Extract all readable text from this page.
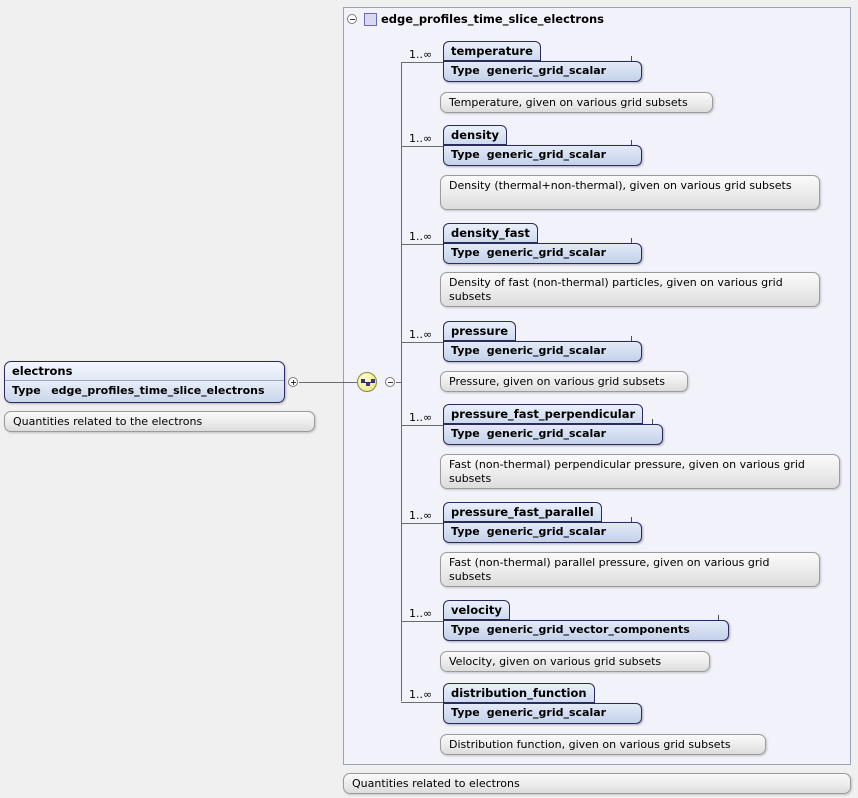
edge_profiles_time_slice_electrons
Quantities related to electrons
electrons
Type edge_profiles_time_slice_electrons
Quantities related to the electrons
1..∞	temperature
Type generic_grid_scalar
Temperature, given on various grid subsets
1..∞	density
Type generic_grid_scalar
Density (thermal+non-thermal), given on various grid subsets
1..∞	density_fast
Type generic_grid_scalar
Density of fast (non-thermal) particles, given on various grid subsets
1..∞	pressure
Type generic_grid_scalar
Pressure, given on various grid subsets
1..∞	pressure_fast_perpendicular
Type generic_grid_scalar
Fast (non-thermal) perpendicular pressure, given on various grid subsets
1..∞	pressure_fast_parallel
Type generic_grid_scalar
Fast (non-thermal) parallel pressure, given on various grid subsets
1..∞	velocity
Type generic_grid_vector_components
Velocity, given on various grid subsets
1..∞	distribution_function
Type generic_grid_scalar
Distribution function, given on various grid subsets
